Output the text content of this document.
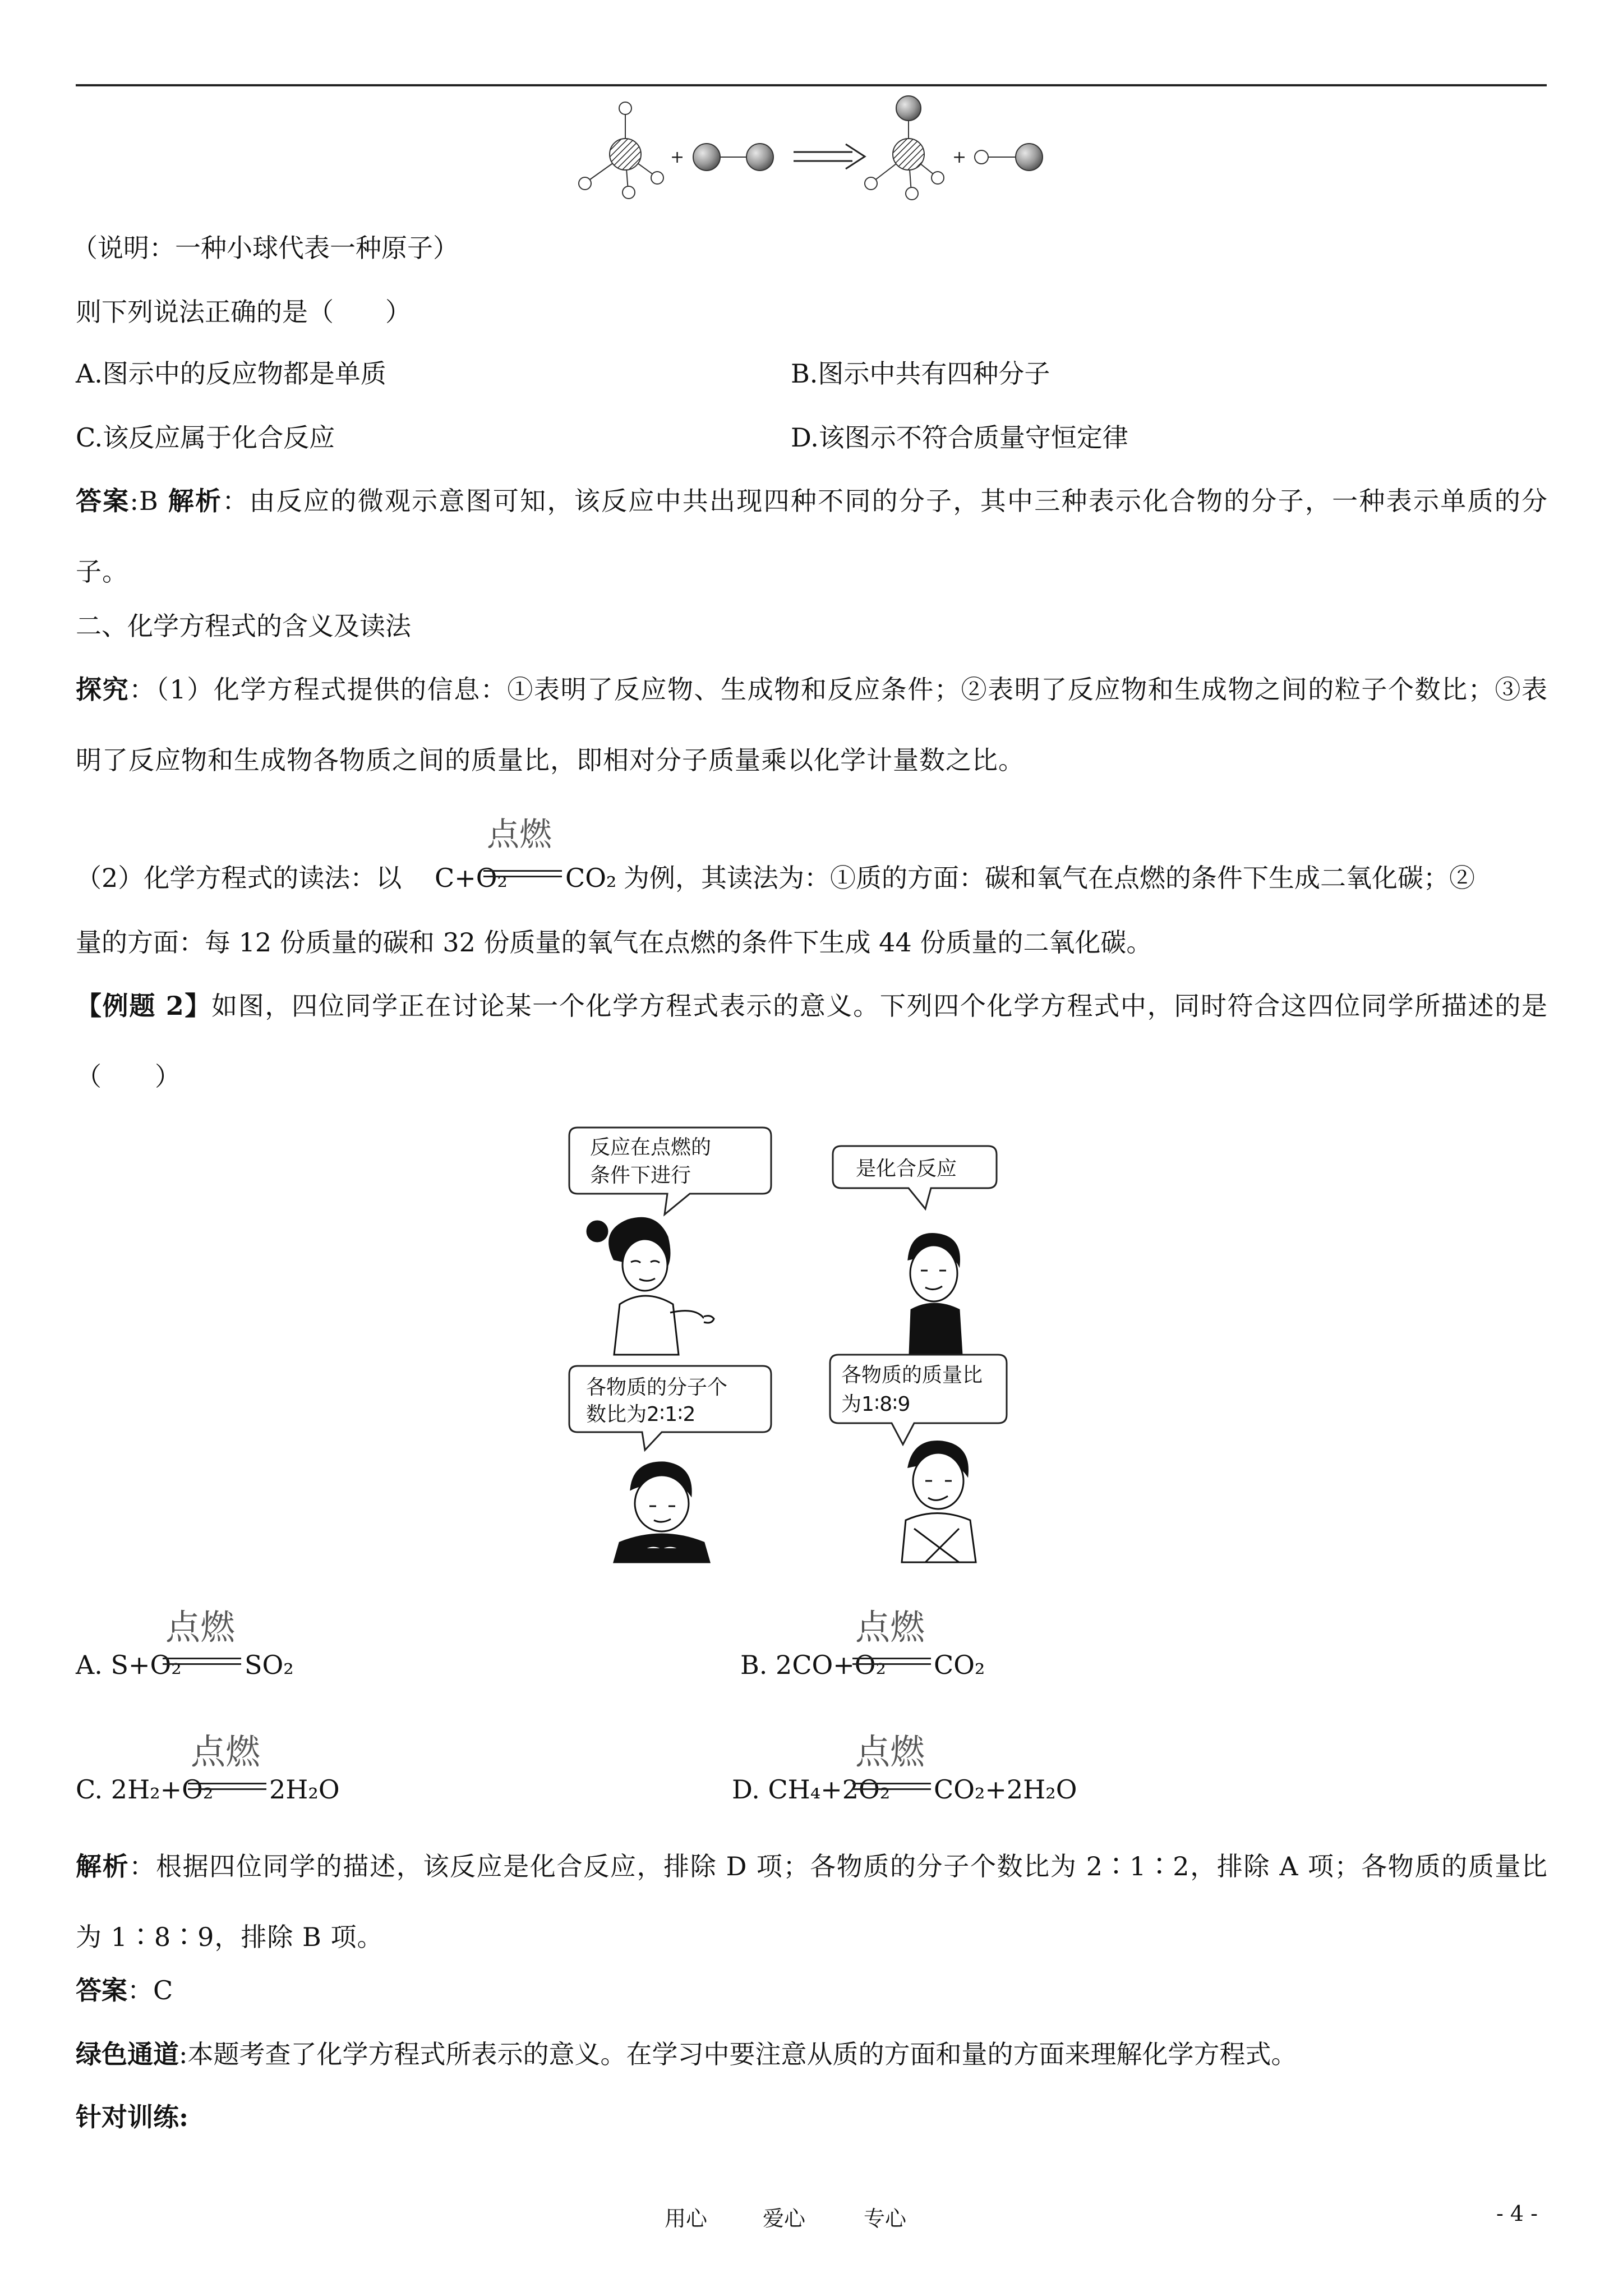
+	+
（说明：一种小球代表一种原子）
则下列说法正确的是（　　）
A.图示中的反应物都是单质	B.图示中共有四种分子
C.该反应属于化合反应	D.该图示不符合质量守恒定律
答案:B 解析：由反应的微观示意图可知，该反应中共出现四种不同的分子，其中三种表示化合物的分子，一种表示单质的分子。
二、化学方程式的含义及读法
探究：（1）化学方程式提供的信息：①表明了反应物、生成物和反应条件；②表明了反应物和生成物之间的粒子个数比；③表明了反应物和生成物各物质之间的质量比，即相对分子质量乘以化学计量数之比。
（2）化学方程式的读法：以 C+O₂
点燃
CO₂ 为例，其读法为：①质的方面：碳和氧气在点燃的条件下生成二氧化碳；②
量的方面：每 12 份质量的碳和 32 份质量的氧气在点燃的条件下生成 44 份质量的二氧化碳。
【例题 2】如图，四位同学正在讨论某一个化学方程式表示的意义。下列四个化学方程式中，同时符合这四位同学所描述的是（　　）
反应在点燃的
条件下进行	是化合反应
各物质的分子个
数比为2∶1∶2
各物质的质量比
为1∶8∶9
A. S+O₂
点燃
SO₂	B. 2CO+O₂
点燃
CO₂
C. 2H₂+O₂
点燃
2H₂O	D. CH₄+2O₂
点燃
CO₂+2H₂O
解析：根据四位同学的描述，该反应是化合反应，排除 D 项；各物质的分子个数比为 2∶1∶2，排除 A 项；各物质的质量比为 1∶8∶9，排除 B 项。
答案：C
绿色通道:本题考查了化学方程式所表示的意义。在学习中要注意从质的方面和量的方面来理解化学方程式。
针对训练:
用心	爱心	专心	- 4 -
